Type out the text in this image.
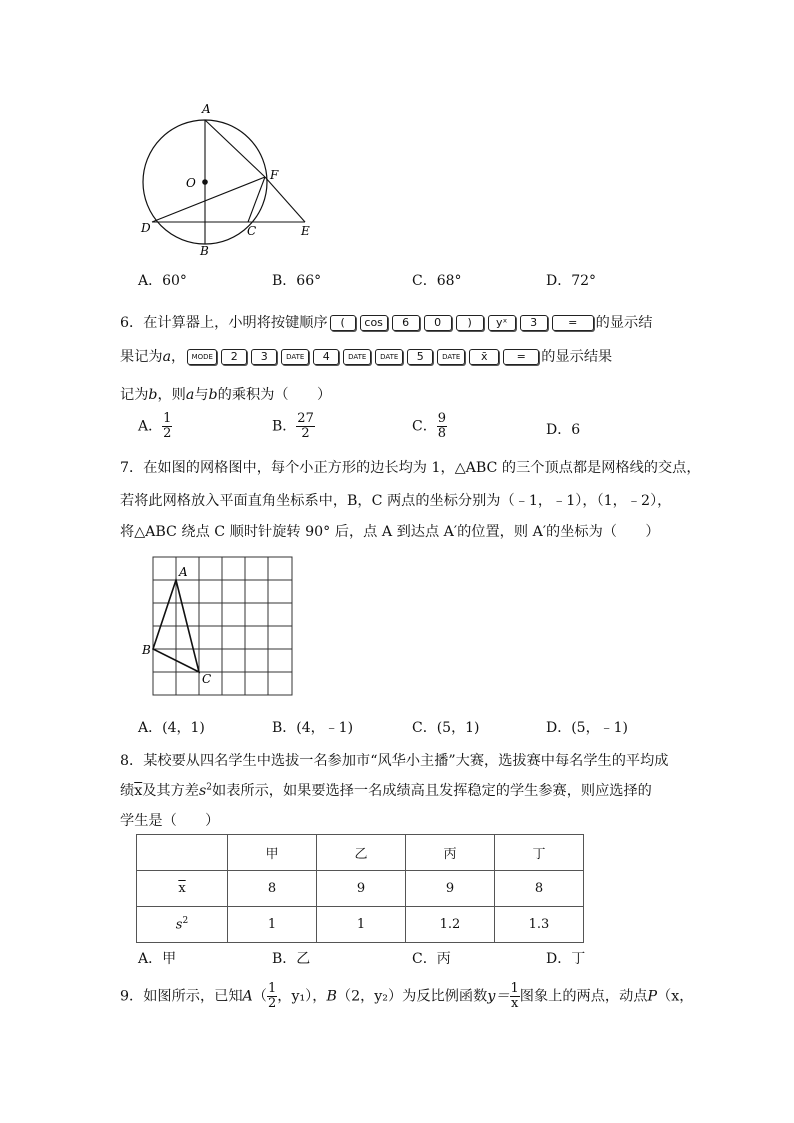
A
O
F
D
B
C	E
A．60°	B．66°	C．68°	D．72°
6．在计算器上，小明将按键顺序 ( cos 6 0 ) yˣ 3	= 的显示结
果记为a， MODE 2 3	DATE 4	DATE DATE 5	DATE x̄	= 的显示结果
记为b，则a与b的乘积为（　　）
A． $\frac{1}{2}$	B． $\frac{27}{2}$	C． $\frac{9}{8}$	D．6
7．在如图的网格图中，每个小正方形的边长均为 1，△ABC 的三个顶点都是网格线的交点，
若将此网格放入平面直角坐标系中，B，C 两点的坐标分别为（﹣1，﹣1），（1，﹣2），
将△ABC 绕点 C 顺时针旋转 90° 后，点 A 到达点 A′的位置，则 A′的坐标为（　　）
A
B
C
A．(4，1)	B．(4，﹣1)	C．(5，1)	D．(5，﹣1)
8．某校要从四名学生中选拔一名参加市“风华小主播”大赛，选拔赛中每名学生的平均成
绩$\overline{x}$及其方差$s^2$如表所示，如果要选择一名成绩高且发挥稳定的学生参赛，则应选择的
学生是（　　）
	甲	乙	丙	丁
$\overline{x}$	8	9	9	8
$s^2$	1	1	1.2	1.3
A．甲	B．乙	C．丙	D．丁
9．如图所示，已知$A( \frac{1}{2}$ ，y₁），B（2，y₂）为反比例函数$y= \frac{1}{x}$ 图象上的两点，动点P（x，
